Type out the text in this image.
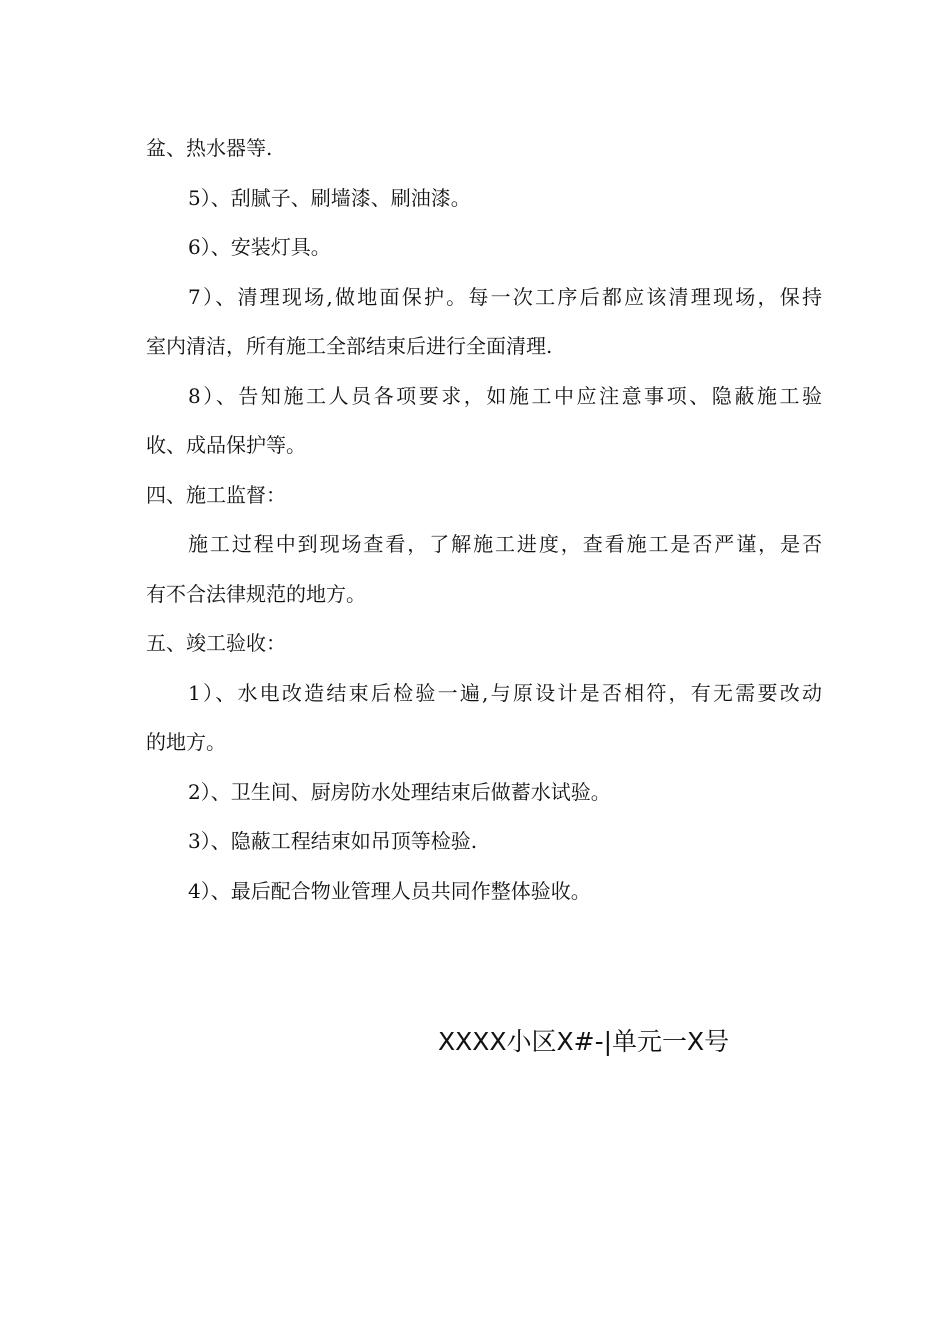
盆、热水器等.
5）、刮腻子、刷墙漆、刷油漆。
6）、安装灯具。
7）、清理现场,做地面保护。每一次工序后都应该清理现场，保持
室内清洁，所有施工全部结束后进行全面清理.
8）、告知施工人员各项要求，如施工中应注意事项、隐蔽施工验
收、成品保护等。
四、施工监督：
施工过程中到现场查看，了解施工进度，查看施工是否严谨，是否
有不合法律规范的地方。
五、竣工验收：
1）、水电改造结束后检验一遍,与原设计是否相符，有无需要改动
的地方。
2）、卫生间、厨房防水处理结束后做蓄水试验。
3）、隐蔽工程结束如吊顶等检验.
4）、最后配合物业管理人员共同作整体验收。
XXXX小区X#-|单元一X号
